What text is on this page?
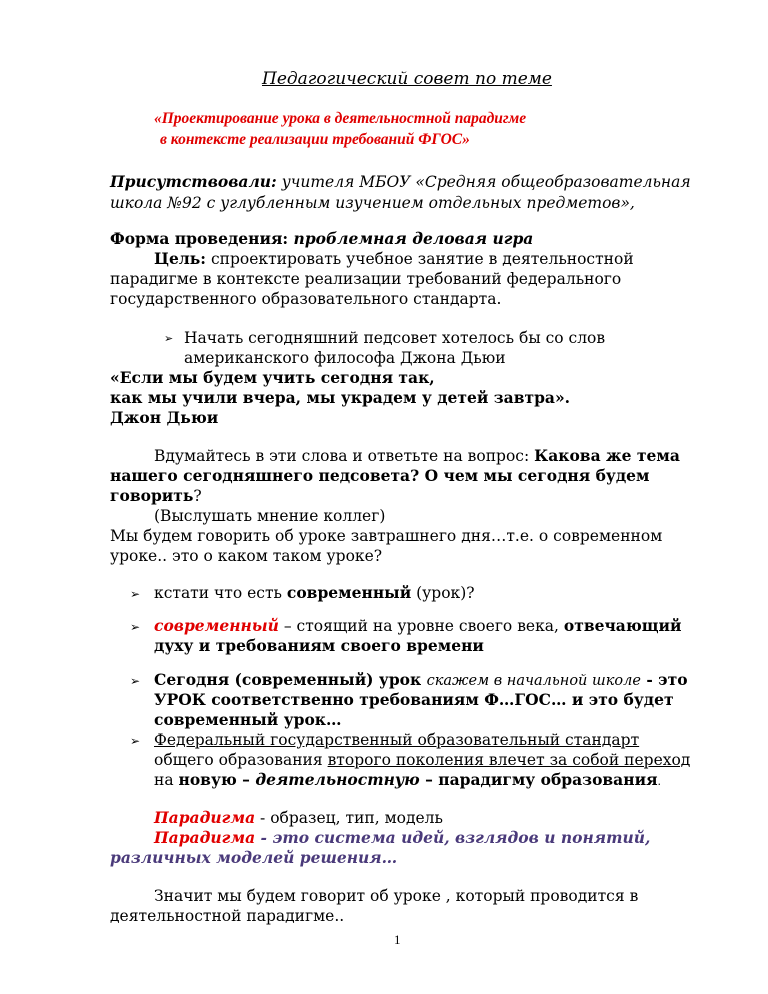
Педагогический совет по теме
«Проектирование урока в деятельностной парадигме
в контексте реализации требований ФГОС»
Присутствовали: учителя МБОУ «Средняя общеобразовательная
школа №92 с углубленным изучением отдельных предметов»,
Форма проведения: проблемная деловая игра
Цель: спроектировать учебное занятие в деятельностной
парадигме в контексте реализации требований федерального
государственного образовательного стандарта.
➢ Начать сегодняшний педсовет хотелось бы со слов
американского философа Джона Дьюи
«Если мы будем учить сегодня так,
как мы учили вчера, мы украдем у детей завтра».
Джон Дьюи
Вдумайтесь в эти слова и ответьте на вопрос: Какова же тема
нашего сегодняшнего педсовета? О чем мы сегодня будем
говорить?
(Выслушать мнение коллег)
Мы будем говорить об уроке завтрашнего дня…т.е. о современном
уроке.. это о каком таком уроке?
➢ кстати что есть современный (урок)?
➢ современный – стоящий на уровне своего века, отвечающий
духу и требованиям своего времени
➢ Сегодня (современный) урок скажем в начальной школе - это
УРОК соответственно требованиям Ф…ГОС… и это будет
современный урок…
➢ Федеральный государственный образовательный стандарт
общего образования второго поколения влечет за собой переход
на новую – деятельностную – парадигму образования.
Парадигма - образец, тип, модель
Парадигма - это система идей, взглядов и понятий,
различных моделей решения…
Значит мы будем говорит об уроке , который проводится в
деятельностной парадигме..
1
